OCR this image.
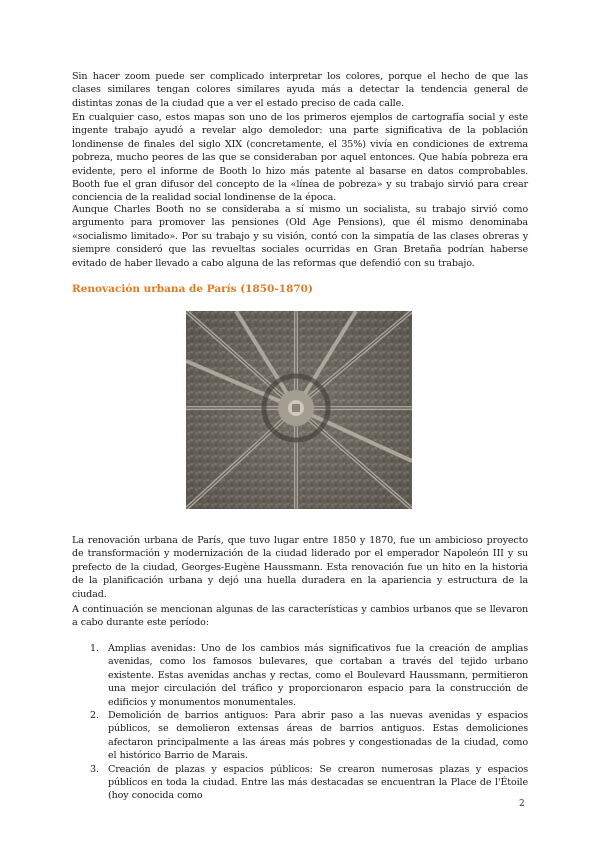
Sin hacer zoom puede ser complicado interpretar los colores, porque el hecho de que las clases similares tengan colores similares ayuda más a detectar la tendencia general de distintas zonas de la ciudad que a ver el estado preciso de cada calle.

En cualquier caso, estos mapas son uno de los primeros ejemplos de cartografía social y este ingente trabajo ayudó a revelar algo demoledor: una parte significativa de la población londinense de finales del siglo XIX (concretamente, el 35%) vivía en condiciones de extrema pobreza, mucho peores de las que se consideraban por aquel entonces. Que había pobreza era evidente, pero el informe de Booth lo hizo más patente al basarse en datos comprobables. Booth fue el gran difusor del concepto de la «línea de pobreza» y su trabajo sirvió para crear conciencia de la realidad social londinense de la época.

Aunque Charles Booth no se consideraba a sí mismo un socialista, su trabajo sirvió como argumento para promover las pensiones (Old Age Pensions), que él mismo denominaba «socialismo limitado». Por su trabajo y su visión, contó con la simpatía de las clases obreras y siempre consideró que las revueltas sociales ocurridas en Gran Bretaña podrían haberse evitado de haber llevado a cabo alguna de las reformas que defendió con su trabajo.

Renovación urbana de París (1850-1870)

La renovación urbana de París, que tuvo lugar entre 1850 y 1870, fue un ambicioso proyecto de transformación y modernización de la ciudad liderado por el emperador Napoleón III y su prefecto de la ciudad, Georges-Eugène Haussmann. Esta renovación fue un hito en la historia de la planificación urbana y dejó una huella duradera en la apariencia y estructura de la ciudad.

A continuación se mencionan algunas de las características y cambios urbanos que se llevaron a cabo durante este período:

1. Amplias avenidas: Uno de los cambios más significativos fue la creación de amplias avenidas, como los famosos bulevares, que cortaban a través del tejido urbano existente. Estas avenidas anchas y rectas, como el Boulevard Haussmann, permitieron una mejor circulación del tráfico y proporcionaron espacio para la construcción de edificios y monumentos monumentales.
2. Demolición de barrios antiguos: Para abrir paso a las nuevas avenidas y espacios públicos, se demolieron extensas áreas de barrios antiguos. Estas demoliciones afectaron principalmente a las áreas más pobres y congestionadas de la ciudad, como el histórico Barrio de Marais.
3. Creación de plazas y espacios públicos: Se crearon numerosas plazas y espacios públicos en toda la ciudad. Entre las más destacadas se encuentran la Place de l'Étoile (hoy conocida como
2
